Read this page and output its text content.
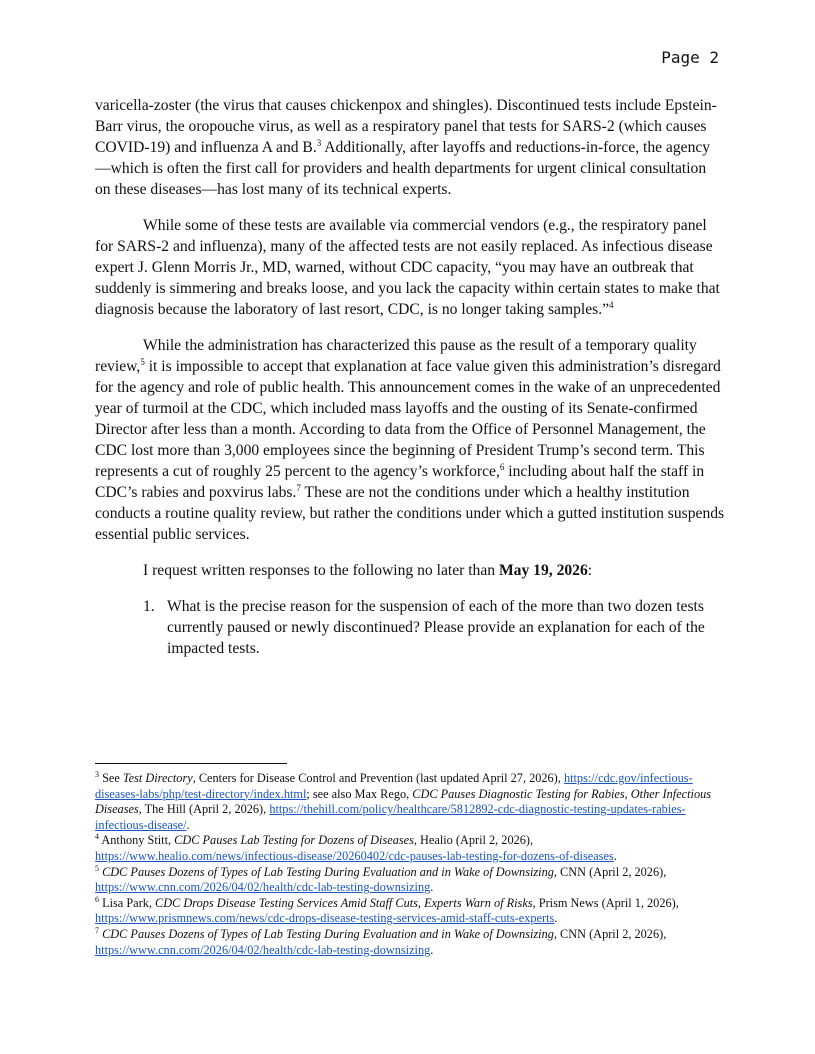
Page 2

varicella-zoster (the virus that causes chickenpox and shingles). Discontinued tests include Epstein-Barr virus, the oropouche virus, as well as a respiratory panel that tests for SARS-2 (which causes COVID-19) and influenza A and B.$^3$ Additionally, after layoffs and reductions-in-force, the agency—which is often the first call for providers and health departments for urgent clinical consultation on these diseases—has lost many of its technical experts.

While some of these tests are available via commercial vendors (e.g., the respiratory panel for SARS-2 and influenza), many of the affected tests are not easily replaced. As infectious disease expert J. Glenn Morris Jr., MD, warned, without CDC capacity, “you may have an outbreak that suddenly is simmering and breaks loose, and you lack the capacity within certain states to make that diagnosis because the laboratory of last resort, CDC, is no longer taking samples.”$^4$

While the administration has characterized this pause as the result of a temporary quality review,$^5$ it is impossible to accept that explanation at face value given this administration’s disregard for the agency and role of public health. This announcement comes in the wake of an unprecedented year of turmoil at the CDC, which included mass layoffs and the ousting of its Senate-confirmed Director after less than a month. According to data from the Office of Personnel Management, the CDC lost more than 3,000 employees since the beginning of President Trump’s second term. This represents a cut of roughly 25 percent to the agency’s workforce,$^6$ including about half the staff in CDC’s rabies and poxvirus labs.$^7$ These are not the conditions under which a healthy institution conducts a routine quality review, but rather the conditions under which a gutted institution suspends essential public services.

I request written responses to the following no later than May 19, 2026:

1. What is the precise reason for the suspension of each of the more than two dozen tests currently paused or newly discontinued? Please provide an explanation for each of the impacted tests.

$^3$ See Test Directory, Centers for Disease Control and Prevention (last updated April 27, 2026), https://cdc.gov/infectious-diseases-labs/php/test-directory/index.html; see also Max Rego, CDC Pauses Diagnostic Testing for Rabies, Other Infectious Diseases, The Hill (April 2, 2026), https://thehill.com/policy/healthcare/5812892-cdc-diagnostic-testing-updates-rabies-infectious-disease/.

$^4$ Anthony Stitt, CDC Pauses Lab Testing for Dozens of Diseases, Healio (April 2, 2026), https://www.healio.com/news/infectious-disease/20260402/cdc-pauses-lab-testing-for-dozens-of-diseases.

$^5$ CDC Pauses Dozens of Types of Lab Testing During Evaluation and in Wake of Downsizing, CNN (April 2, 2026), https://www.cnn.com/2026/04/02/health/cdc-lab-testing-downsizing.

$^6$ Lisa Park, CDC Drops Disease Testing Services Amid Staff Cuts, Experts Warn of Risks, Prism News (April 1, 2026), https://www.prismnews.com/news/cdc-drops-disease-testing-services-amid-staff-cuts-experts.

$^7$ CDC Pauses Dozens of Types of Lab Testing During Evaluation and in Wake of Downsizing, CNN (April 2, 2026), https://www.cnn.com/2026/04/02/health/cdc-lab-testing-downsizing.
